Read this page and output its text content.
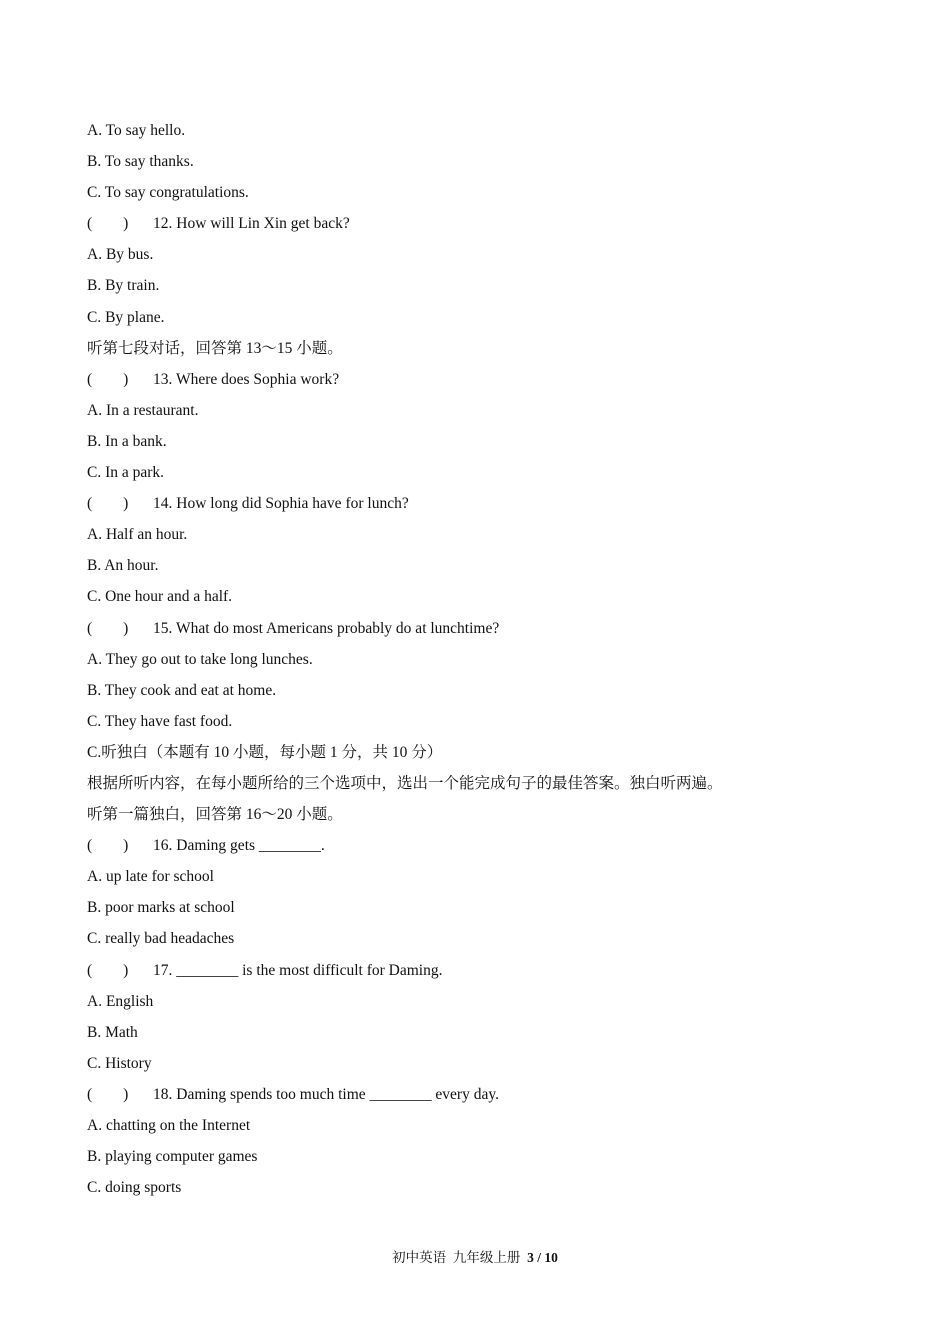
A. To say hello.
B. To say thanks.
C. To say congratulations.
(　　) 12. How will Lin Xin get back?
A. By bus.
B. By train.
C. By plane.
听第七段对话，回答第 13～15 小题。
(　　) 13. Where does Sophia work?
A. In a restaurant.
B. In a bank.
C. In a park.
(　　) 14. How long did Sophia have for lunch?
A. Half an hour.
B. An hour.
C. One hour and a half.
(　　) 15. What do most Americans probably do at lunchtime?
A. They go out to take long lunches.
B. They cook and eat at home.
C. They have fast food.
C.听独白（本题有 10 小题，每小题 1 分，共 10 分）
根据所听内容，在每小题所给的三个选项中，选出一个能完成句子的最佳答案。独白听两遍。
听第一篇独白，回答第 16～20 小题。
(　　) 16. Daming gets ________.
A. up late for school
B. poor marks at school
C. really bad headaches
(　　) 17. ________ is the most difficult for Daming.
A. English
B. Math
C. History
(　　) 18. Daming spends too much time ________ every day.
A. chatting on the Internet
B. playing computer games
C. doing sports
初中英语 九年级上册 3 / 10
